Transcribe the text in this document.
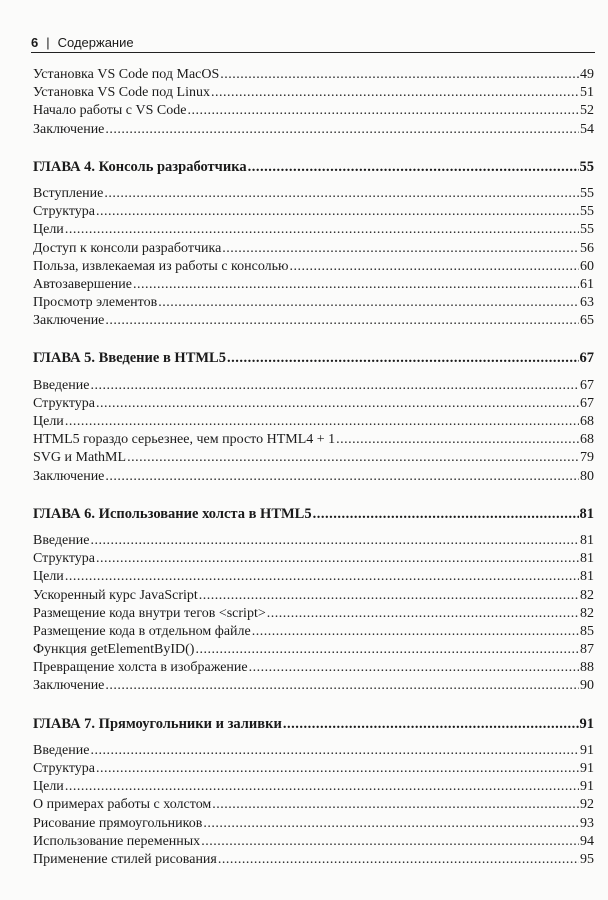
6 | Содержание
Установка VS Code под MacOS .....	49
Установка VS Code под Linux .....	51
Начало работы с VS Code .....	52
Заключение .....	54
ГЛАВА 4. Консоль разработчика .....	55
Вступление .....	55
Структура .....	55
Цели .....	55
Доступ к консоли разработчика .....	56
Польза, извлекаемая из работы с консолью .....	60
Автозавершение .....	61
Просмотр элементов .....	63
Заключение .....	65
ГЛАВА 5. Введение в HTML5 .....	67
Введение .....	67
Структура .....	67
Цели .....	68
HTML5 гораздо серьезнее, чем просто HTML4 + 1 .....	68
SVG и MathML .....	79
Заключение .....	80
ГЛАВА 6. Использование холста в HTML5 .....	81
Введение .....	81
Структура .....	81
Цели .....	81
Ускоренный курс JavaScript .....	82
Размещение кода внутри тегов <script> .....	82
Размещение кода в отдельном файле .....	85
Функция getElementByID() .....	87
Превращение холста в изображение .....	88
Заключение .....	90
ГЛАВА 7. Прямоугольники и заливки .....	91
Введение .....	91
Структура .....	91
Цели .....	91
О примерах работы с холстом .....	92
Рисование прямоугольников .....	93
Использование переменных .....	94
Применение стилей рисования .....	95
